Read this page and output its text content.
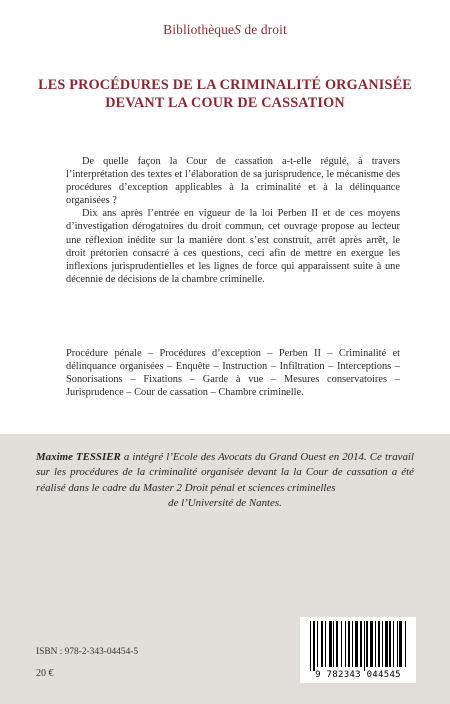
BibliothèqueS de droit
LES PROCÉDURES DE LA CRIMINALITÉ ORGANISÉE
DEVANT LA COUR DE CASSATION

De quelle façon la Cour de cassation a-t-elle régulé, à travers l’interprétation des textes et l’élaboration de sa jurisprudence, le mécanisme des procédures d’exception applicables à la criminalité et à la délinquance organisées ?

Dix ans après l’entrée en vigueur de la loi Perben II et de ces moyens d’investigation dérogatoires du droit commun, cet ouvrage propose au lecteur une réflexion inédite sur la manière dont s’est construit, arrêt après arrêt, le droit prétorien consacré à ces questions, ceci afin de mettre en exergue les inflexions jurisprudentielles et les lignes de force qui apparaissent suite à une décennie de décisions de la chambre criminelle.

Procédure pénale – Procédures d’exception – Perben II – Criminalité et délinquance organisées – Enquête – Instruction – Infiltration – Interceptions – Sonorisations – Fixations – Garde à vue – Mesures conservatoires – Jurisprudence – Cour de cassation – Chambre criminelle.
Maxime TESSIER a intégré l’Ecole des Avocats du Grand Ouest en 2014. Ce travail sur les procédures de la criminalité organisée devant la la Cour de cassation a été réalisé dans le cadre du Master 2 Droit pénal et sciences criminelles
de l’Université de Nantes.
ISBN : 978-2-343-04454-5
20 €	9 782343 044545
